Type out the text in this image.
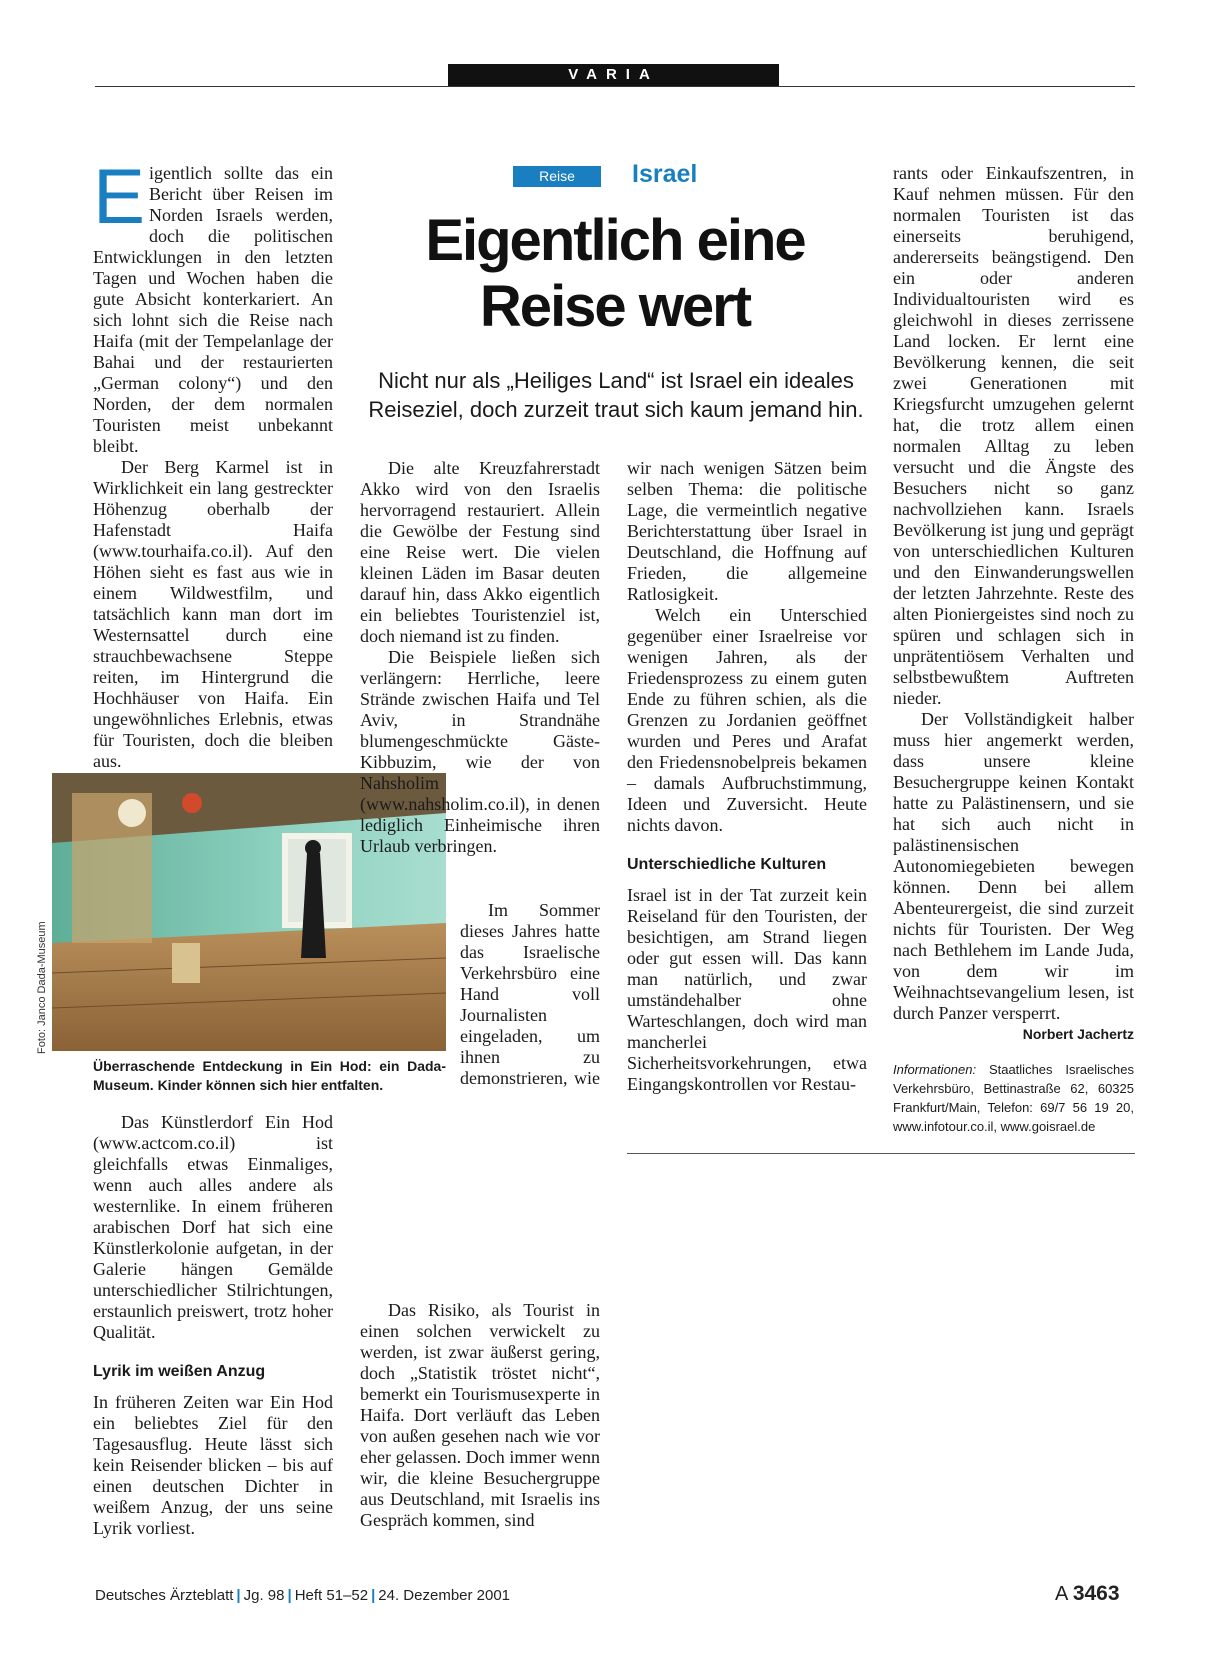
VARIA

Eigentlich sollte das ein Bericht über Reisen im Norden Israels werden, doch die politischen Entwicklungen in den letzten Tagen und Wochen haben die gute Absicht konterkariert. An sich lohnt sich die Reise nach Haifa (mit der Tempelanlage der Bahai und der restaurierten „German colony“) und den Norden, der dem normalen Touristen meist unbekannt bleibt.

Der Berg Karmel ist in Wirklichkeit ein lang gestreckter Höhenzug oberhalb der Hafenstadt Haifa (www.tourhaifa.co.il). Auf den Höhen sieht es fast aus wie in einem Wildwestfilm, und tatsächlich kann man dort im Westernsattel durch eine strauchbewachsene Steppe reiten, im Hintergrund die Hochhäuser von Haifa. Ein ungewöhnliches Erlebnis, etwas für Touristen, doch die bleiben aus.

Foto: Janco Dada-Museum
Überraschende Entdeckung in Ein Hod: ein Dada-Museum. Kinder können sich hier entfalten.

Das Künstlerdorf Ein Hod (www.actcom.co.il) ist gleichfalls etwas Einmaliges, wenn auch alles andere als westernlike. In einem früheren arabischen Dorf hat sich eine Künstlerkolonie aufgetan, in der Galerie hängen Gemälde unterschiedlicher Stilrichtungen, erstaunlich preiswert, trotz hoher Qualität.

Lyrik im weißen Anzug

In früheren Zeiten war Ein Hod ein beliebtes Ziel für den Tagesausflug. Heute lässt sich kein Reisender blicken – bis auf einen deutschen Dichter in weißem Anzug, der uns seine Lyrik vorliest.

Reise	Israel
Eigentlich eine
Reise wert
Nicht nur als „Heiliges Land“ ist Israel ein ideales Reiseziel, doch zurzeit traut sich kaum jemand hin.

Die alte Kreuzfahrerstadt Akko wird von den Israelis hervorragend restauriert. Allein die Gewölbe der Festung sind eine Reise wert. Die vielen kleinen Läden im Basar deuten darauf hin, dass Akko eigentlich ein beliebtes Touristenziel ist, doch niemand ist zu finden.

Die Beispiele ließen sich verlängern: Herrliche, leere Strände zwischen Haifa und Tel Aviv, in Strandnähe blumengeschmückte Gäste-Kibbuzim, wie der von Nahsholim (www.nahsholim.co.il), in denen lediglich Einheimische ihren Urlaub verbringen.

Im Sommer dieses Jahres hatte das Israelische Verkehrsbüro eine Hand voll Journalisten eingeladen, um ihnen zu demonstrieren, wie

Das Risiko, als Tourist in einen solchen verwickelt zu werden, ist zwar äußerst gering, doch „Statistik tröstet nicht“, bemerkt ein Tourismusexperte in Haifa. Dort verläuft das Leben von außen gesehen nach wie vor eher gelassen. Doch immer wenn wir, die kleine Besuchergruppe aus Deutschland, mit Israelis ins Gespräch kommen, sind

wir nach wenigen Sätzen beim selben Thema: die politische Lage, die vermeintlich negative Berichterstattung über Israel in Deutschland, die Hoffnung auf Frieden, die allgemeine Ratlosigkeit.

Welch ein Unterschied gegenüber einer Israelreise vor wenigen Jahren, als der Friedensprozess zu einem guten Ende zu führen schien, als die Grenzen zu Jordanien geöffnet wurden und Peres und Arafat den Friedensnobelpreis bekamen – damals Aufbruchstimmung, Ideen und Zuversicht. Heute nichts davon.

Unterschiedliche Kulturen

Israel ist in der Tat zurzeit kein Reiseland für den Touristen, der besichtigen, am Strand liegen oder gut essen will. Das kann man natürlich, und zwar umständehalber ohne Warteschlangen, doch wird man mancherlei Sicherheitsvorkehrungen, etwa Eingangskontrollen vor Restau-

rants oder Einkaufszentren, in Kauf nehmen müssen. Für den normalen Touristen ist das einerseits beruhigend, andererseits beängstigend. Den ein oder anderen Individualtouristen wird es gleichwohl in dieses zerrissene Land locken. Er lernt eine Bevölkerung kennen, die seit zwei Generationen mit Kriegsfurcht umzugehen gelernt hat, die trotz allem einen normalen Alltag zu leben versucht und die Ängste des Besuchers nicht so ganz nachvollziehen kann. Israels Bevölkerung ist jung und geprägt von unterschiedlichen Kulturen und den Einwanderungswellen der letzten Jahrzehnte. Reste des alten Pioniergeistes sind noch zu spüren und schlagen sich in unprätentiösem Verhalten und selbstbewußtem Auftreten nieder.

Der Vollständigkeit halber muss hier angemerkt werden, dass unsere kleine Besuchergruppe keinen Kontakt hatte zu Palästinensern, und sie hat sich auch nicht in palästinensischen Autonomiegebieten bewegen können. Denn bei allem Abenteurergeist, die sind zurzeit nichts für Touristen. Der Weg nach Bethlehem im Lande Juda, von dem wir im Weihnachtsevangelium lesen, ist durch Panzer versperrt.
Norbert Jachertz

Informationen: Staatliches Israelisches Verkehrsbüro, Bettinastraße 62, 60325 Frankfurt/Main, Telefon: 69/7 56 19 20, www.infotour.co.il, www.goisrael.de
Deutsches Ärzteblatt | Jg. 98 | Heft 51–52 | 24. Dezember 2001	A 3463
